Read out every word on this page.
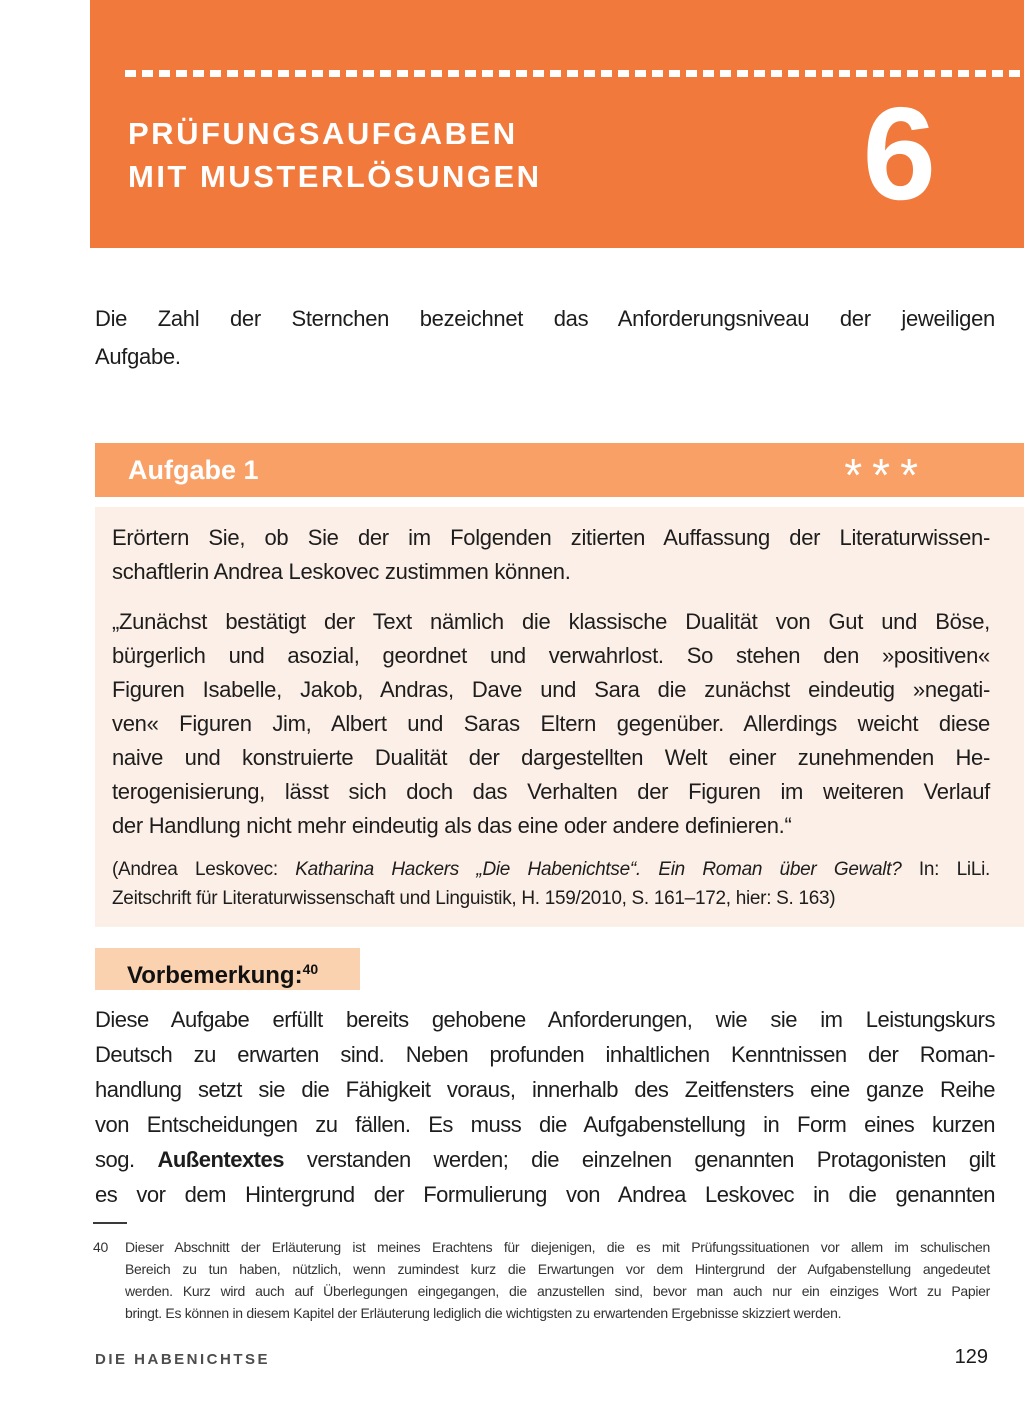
PRÜFUNGSAUFGABEN
MIT MUSTERLÖSUNGEN 6
Die Zahl der Sternchen bezeichnet das Anforderungsniveau der jeweiligen
Aufgabe.
Aufgabe 1	***
Erörtern Sie, ob Sie der im Folgenden zitierten Auffassung der Literaturwissen-
schaftlerin Andrea Leskovec zustimmen können.
„Zunächst bestätigt der Text nämlich die klassische Dualität von Gut und Böse,
bürgerlich und asozial, geordnet und verwahrlost. So stehen den »positiven«
Figuren Isabelle, Jakob, Andras, Dave und Sara die zunächst eindeutig »negati-
ven« Figuren Jim, Albert und Saras Eltern gegenüber. Allerdings weicht diese
naive und konstruierte Dualität der dargestellten Welt einer zunehmenden He-
terogenisierung, lässt sich doch das Verhalten der Figuren im weiteren Verlauf
der Handlung nicht mehr eindeutig als das eine oder andere definieren.“
(Andrea Leskovec: Katharina Hackers „Die Habenichtse“. Ein Roman über Gewalt? In: LiLi.
Zeitschrift für Literaturwissenschaft und Linguistik, H. 159/2010, S. 161–172, hier: S. 163)
Vorbemerkung:$^{40}$
Diese Aufgabe erfüllt bereits gehobene Anforderungen, wie sie im Leistungskurs
Deutsch zu erwarten sind. Neben profunden inhaltlichen Kenntnissen der Roman-
handlung setzt sie die Fähigkeit voraus, innerhalb des Zeitfensters eine ganze Reihe
von Entscheidungen zu fällen. Es muss die Aufgabenstellung in Form eines kurzen
sog. Außentextes verstanden werden; die einzelnen genannten Protagonisten gilt
es vor dem Hintergrund der Formulierung von Andrea Leskovec in die genannten
40 Dieser Abschnitt der Erläuterung ist meines Erachtens für diejenigen, die es mit Prüfungssituationen vor allem im schulischen
Bereich zu tun haben, nützlich, wenn zumindest kurz die Erwartungen vor dem Hintergrund der Aufgabenstellung angedeutet
werden. Kurz wird auch auf Überlegungen eingegangen, die anzustellen sind, bevor man auch nur ein einziges Wort zu Papier
bringt. Es können in diesem Kapitel der Erläuterung lediglich die wichtigsten zu erwartenden Ergebnisse skizziert werden.
DIE HABENICHTSE	129
